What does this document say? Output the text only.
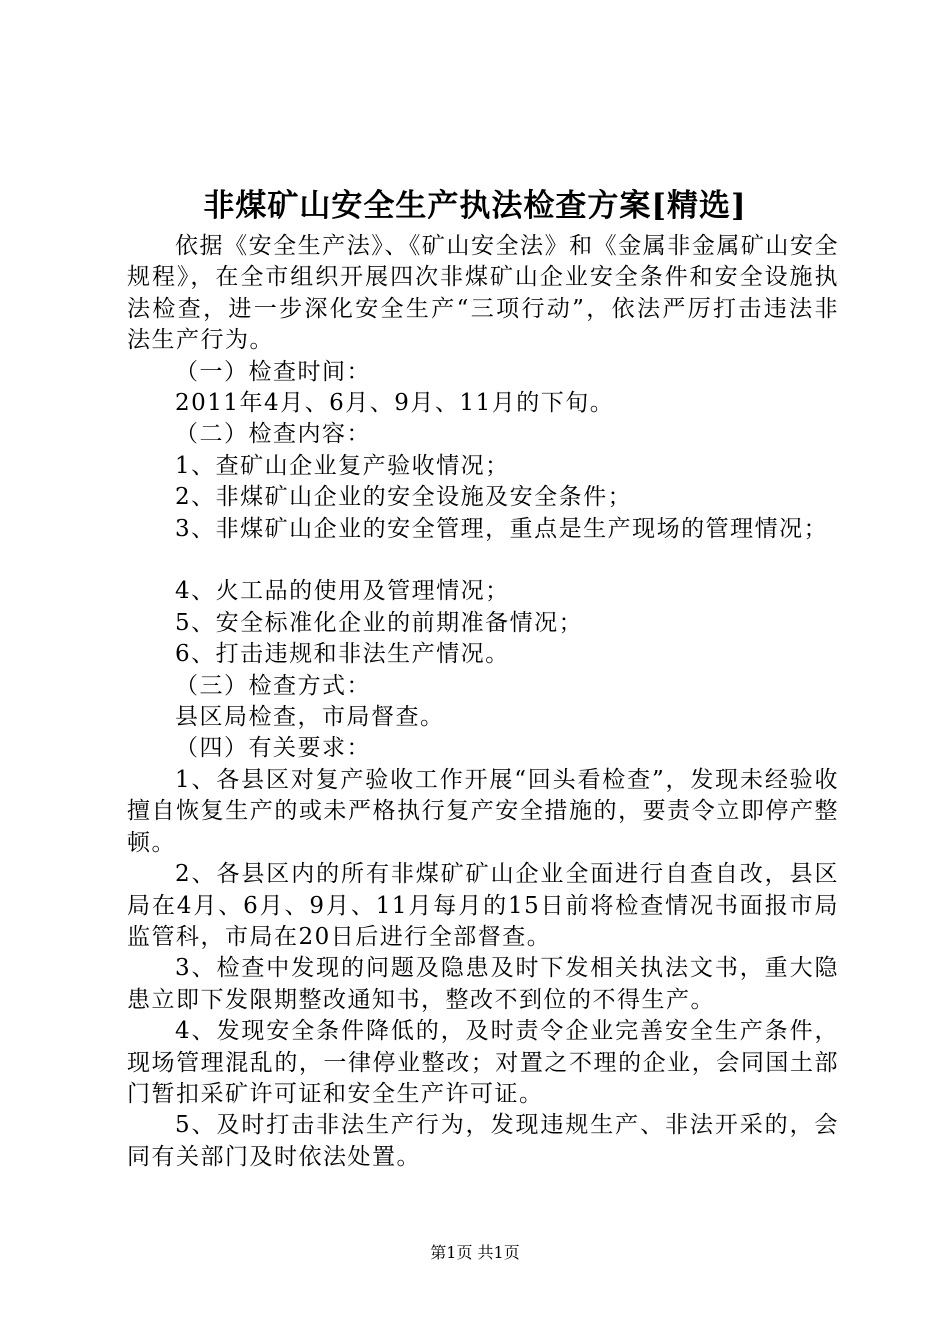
非煤矿山安全生产执法检查方案[精选]

依据《安全生产法》、《矿山安全法》和《金属非金属矿山安全规程》，在全市组织开展四次非煤矿山企业安全条件和安全设施执法检查，进一步深化安全生产“三项行动”，依法严厉打击违法非法生产行为。

（一）检查时间：

2011年4月、6月、9月、11月的下旬。

（二）检查内容：

1、查矿山企业复产验收情况；

2、非煤矿山企业的安全设施及安全条件；

3、非煤矿山企业的安全管理，重点是生产现场的管理情况；

4、火工品的使用及管理情况；

5、安全标准化企业的前期准备情况；

6、打击违规和非法生产情况。

（三）检查方式：

县区局检查，市局督查。

（四）有关要求：

1、各县区对复产验收工作开展“回头看检查”，发现未经验收擅自恢复生产的或未严格执行复产安全措施的，要责令立即停产整顿。

2、各县区内的所有非煤矿矿山企业全面进行自查自改，县区局在4月、6月、9月、11月每月的15日前将检查情况书面报市局监管科，市局在20日后进行全部督查。

3、检查中发现的问题及隐患及时下发相关执法文书，重大隐患立即下发限期整改通知书，整改不到位的不得生产。

4、发现安全条件降低的，及时责令企业完善安全生产条件，现场管理混乱的，一律停业整改；对置之不理的企业，会同国土部门暂扣采矿许可证和安全生产许可证。

5、及时打击非法生产行为，发现违规生产、非法开采的，会同有关部门及时依法处置。

第1页 共1页
